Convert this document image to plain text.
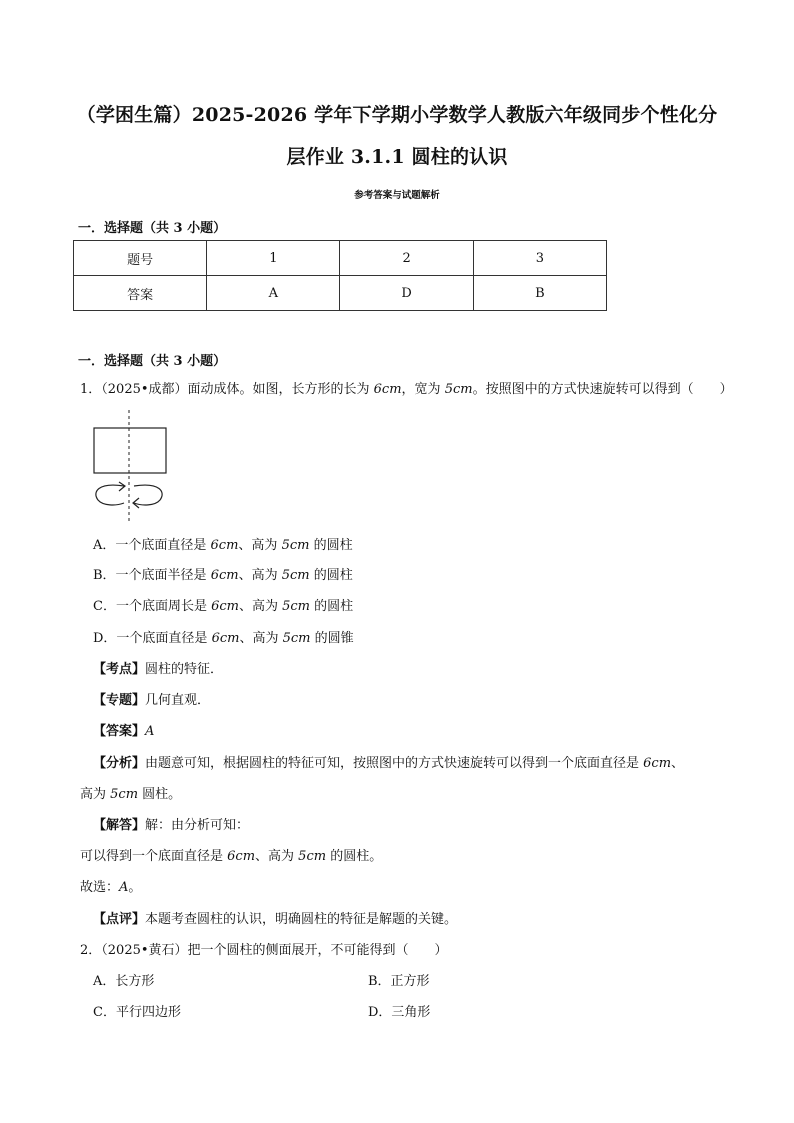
（学困生篇）2025-2026 学年下学期小学数学人教版六年级同步个性化分
层作业 3.1.1 圆柱的认识
参考答案与试题解析
一．选择题（共 3 小题）
题号	1	2	3
答案	A	D	B
一．选择题（共 3 小题）
1．（2025•成都）面动成体。如图，长方形的长为 6cm，宽为 5cm。按照图中的方式快速旋转可以得到（　　）
A．一个底面直径是 6cm、高为 5cm 的圆柱
B．一个底面半径是 6cm、高为 5cm 的圆柱
C．一个底面周长是 6cm、高为 5cm 的圆柱
D．一个底面直径是 6cm、高为 5cm 的圆锥
【考点】圆柱的特征．
【专题】几何直观．
【答案】A
【分析】由题意可知，根据圆柱的特征可知，按照图中的方式快速旋转可以得到一个底面直径是 6cm、
高为 5cm 圆柱。
【解答】解：由分析可知：
可以得到一个底面直径是 6cm、高为 5cm 的圆柱。
故选：A。
【点评】本题考查圆柱的认识，明确圆柱的特征是解题的关键。
2．（2025•黄石）把一个圆柱的侧面展开，不可能得到（　　）
A．长方形	B．正方形
C．平行四边形	D．三角形
